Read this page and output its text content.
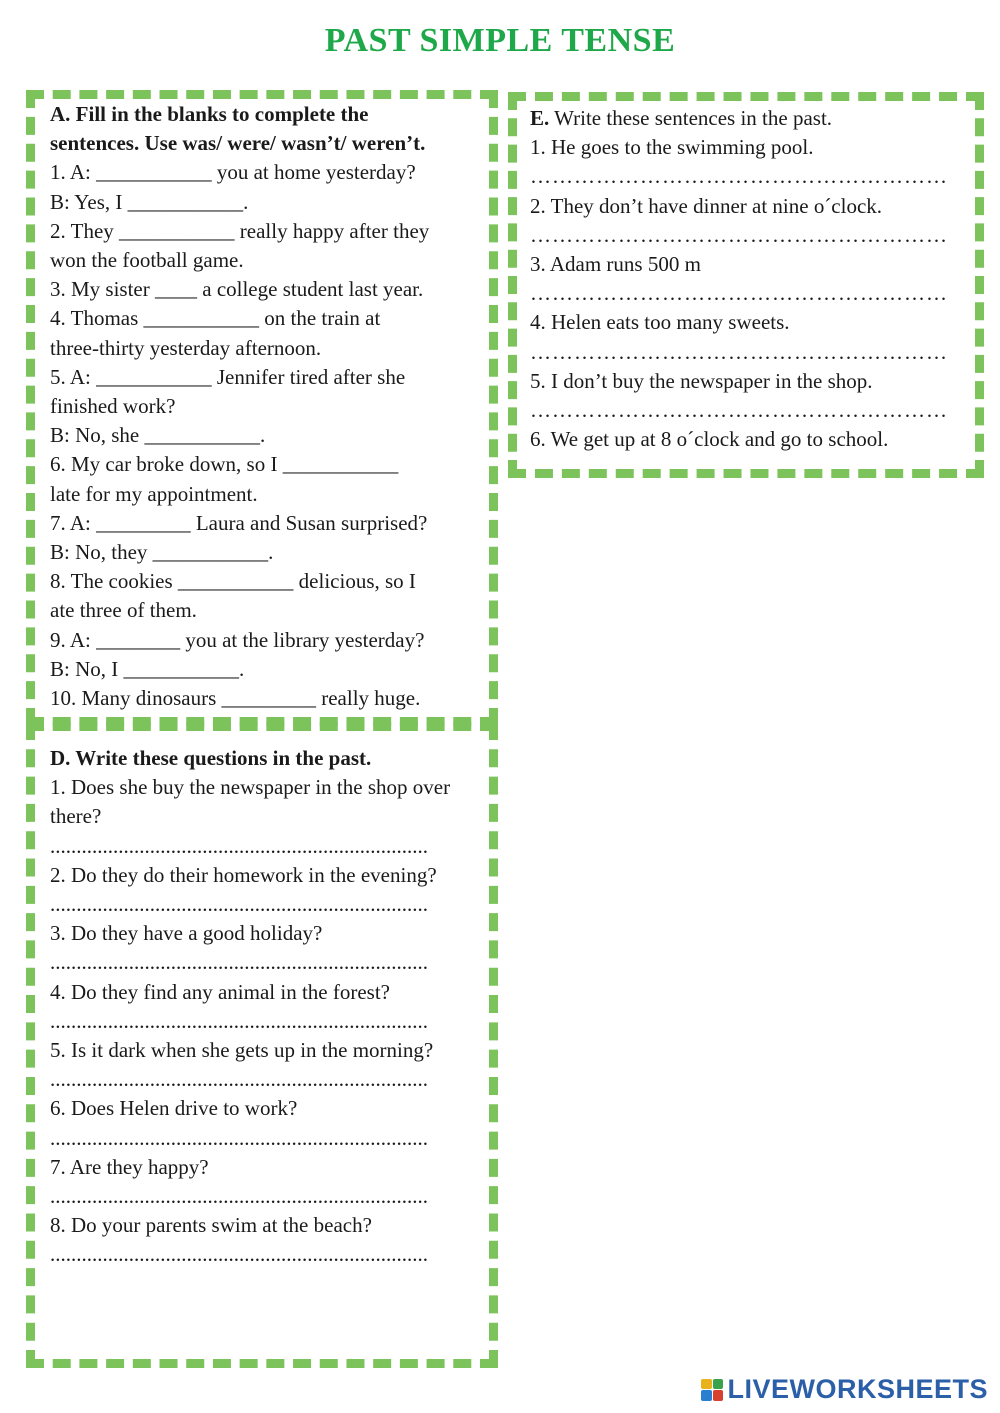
PAST SIMPLE TENSE
A. Fill in the blanks to complete the
sentences. Use was/ were/ wasn’t/ weren’t.
1. A: ___________ you at home yesterday?
B: Yes, I ___________.
2. They ___________ really happy after they
won the football game.
3. My sister ____ a college student last year.
4. Thomas ___________ on the train at
three-thirty yesterday afternoon.
5. A: ___________ Jennifer tired after she
finished work?
B: No, she ___________.
6. My car broke down, so I ___________
late for my appointment.
7. A: _________ Laura and Susan surprised?
B: No, they ___________.
8. The cookies ___________ delicious, so I
ate three of them.
9. A: ________ you at the library yesterday?
B: No, I ___________.
10. Many dinosaurs _________ really huge.
D. Write these questions in the past.
1. Does she buy the newspaper in the shop over there?
........................................................................
2. Do they do their homework in the evening?
........................................................................
3. Do they have a good holiday?
........................................................................
4. Do they find any animal in the forest?
........................................................................
5. Is it dark when she gets up in the morning?
........................................................................
6. Does Helen drive to work?
........................................................................
7. Are they happy?
........................................................................
8. Do your parents swim at the beach?
........................................................................
E. Write these sentences in the past.
1. He goes to the swimming pool.
…………………………………………………
2. They don’t have dinner at nine o´clock.
…………………………………………………
3. Adam runs 500 m
…………………………………………………
4. Helen eats too many sweets.
…………………………………………………
5. I don’t buy the newspaper in the shop.
…………………………………………………
6. We get up at 8 o´clock and go to school.
LIVEWORKSHEETS
